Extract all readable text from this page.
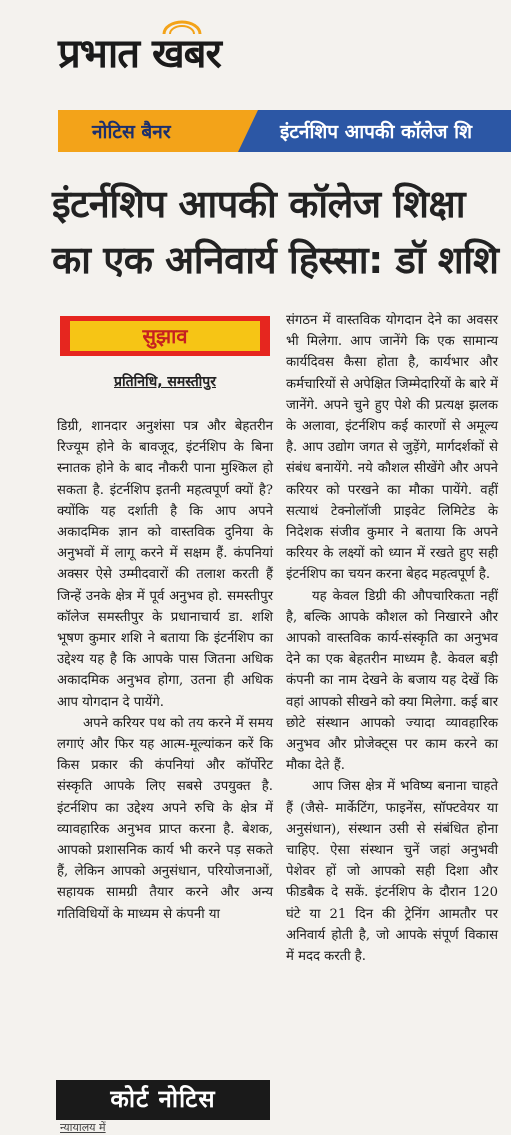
प्रभात खबर
नोटिस बैनर	इंटर्नशिप आपकी कॉलेज शि
इंटर्नशिप आपकी कॉलेज शिक्षा
का एक अनिवार्य हिस्सा: डॉ शशि
सुझाव
प्रतिनिधि, समस्तीपुर

डिग्री, शानदार अनुशंसा पत्र और बेहतरीन रिज्यूम होने के बावजूद, इंटर्नशिप के बिना स्नातक होने के बाद नौकरी पाना मुश्किल हो सकता है. इंटर्नशिप इतनी महत्वपूर्ण क्यों है? क्योंकि यह दर्शाती है कि आप अपने अकादमिक ज्ञान को वास्तविक दुनिया के अनुभवों में लागू करने में सक्षम हैं. कंपनियां अक्सर ऐसे उम्मीदवारों की तलाश करती हैं जिन्हें उनके क्षेत्र में पूर्व अनुभव हो. समस्तीपुर कॉलेज समस्तीपुर के प्रधानाचार्य डा. शशि भूषण कुमार शशि ने बताया कि इंटर्नशिप का उद्देश्य यह है कि आपके पास जितना अधिक अकादमिक अनुभव होगा, उतना ही अधिक आप योगदान दे पायेंगे.

अपने करियर पथ को तय करने में समय लगाएं और फिर यह आत्म-मूल्यांकन करें कि किस प्रकार की कंपनियां और कॉर्पोरेट संस्कृति आपके लिए सबसे उपयुक्त है. इंटर्नशिप का उद्देश्य अपने रुचि के क्षेत्र में व्यावहारिक अनुभव प्राप्त करना है. बेशक, आपको प्रशासनिक कार्य भी करने पड़ सकते हैं, लेकिन आपको अनुसंधान, परियोजनाओं, सहायक सामग्री तैयार करने और अन्य गतिविधियों के माध्यम से कंपनी या

संगठन में वास्तविक योगदान देने का अवसर भी मिलेगा. आप जानेंगे कि एक सामान्य कार्यदिवस कैसा होता है, कार्यभार और कर्मचारियों से अपेक्षित जिम्मेदारियों के बारे में जानेंगे. अपने चुने हुए पेशे की प्रत्यक्ष झलक के अलावा, इंटर्नशिप कई कारणों से अमूल्य है. आप उद्योग जगत से जुड़ेंगे, मार्गदर्शकों से संबंध बनायेंगे. नये कौशल सीखेंगे और अपने करियर को परखने का मौका पायेंगे. वहीं सत्याथं टेक्नोलॉजी प्राइवेट लिमिटेड के निदेशक संजीव कुमार ने बताया कि अपने करियर के लक्ष्यों को ध्यान में रखते हुए सही इंटर्नशिप का चयन करना बेहद महत्वपूर्ण है.

यह केवल डिग्री की औपचारिकता नहीं है, बल्कि आपके कौशल को निखारने और आपको वास्तविक कार्य-संस्कृति का अनुभव देने का एक बेहतरीन माध्यम है. केवल बड़ी कंपनी का नाम देखने के बजाय यह देखें कि वहां आपको सीखने को क्या मिलेगा. कई बार छोटे संस्थान आपको ज्यादा व्यावहारिक अनुभव और प्रोजेक्ट्स पर काम करने का मौका देते हैं.

आप जिस क्षेत्र में भविष्य बनाना चाहते हैं (जैसे- मार्केटिंग, फाइनेंस, सॉफ्टवेयर या अनुसंधान), संस्थान उसी से संबंधित होना चाहिए. ऐसा संस्थान चुनें जहां अनुभवी पेशेवर हों जो आपको सही दिशा और फीडबैक दे सकें. इंटर्नशिप के दौरान 120 घंटे या 21 दिन की ट्रेनिंग आमतौर पर अनिवार्य होती है, जो आपके संपूर्ण विकास में मदद करती है.

कोर्ट नोटिस
न्यायालय में
